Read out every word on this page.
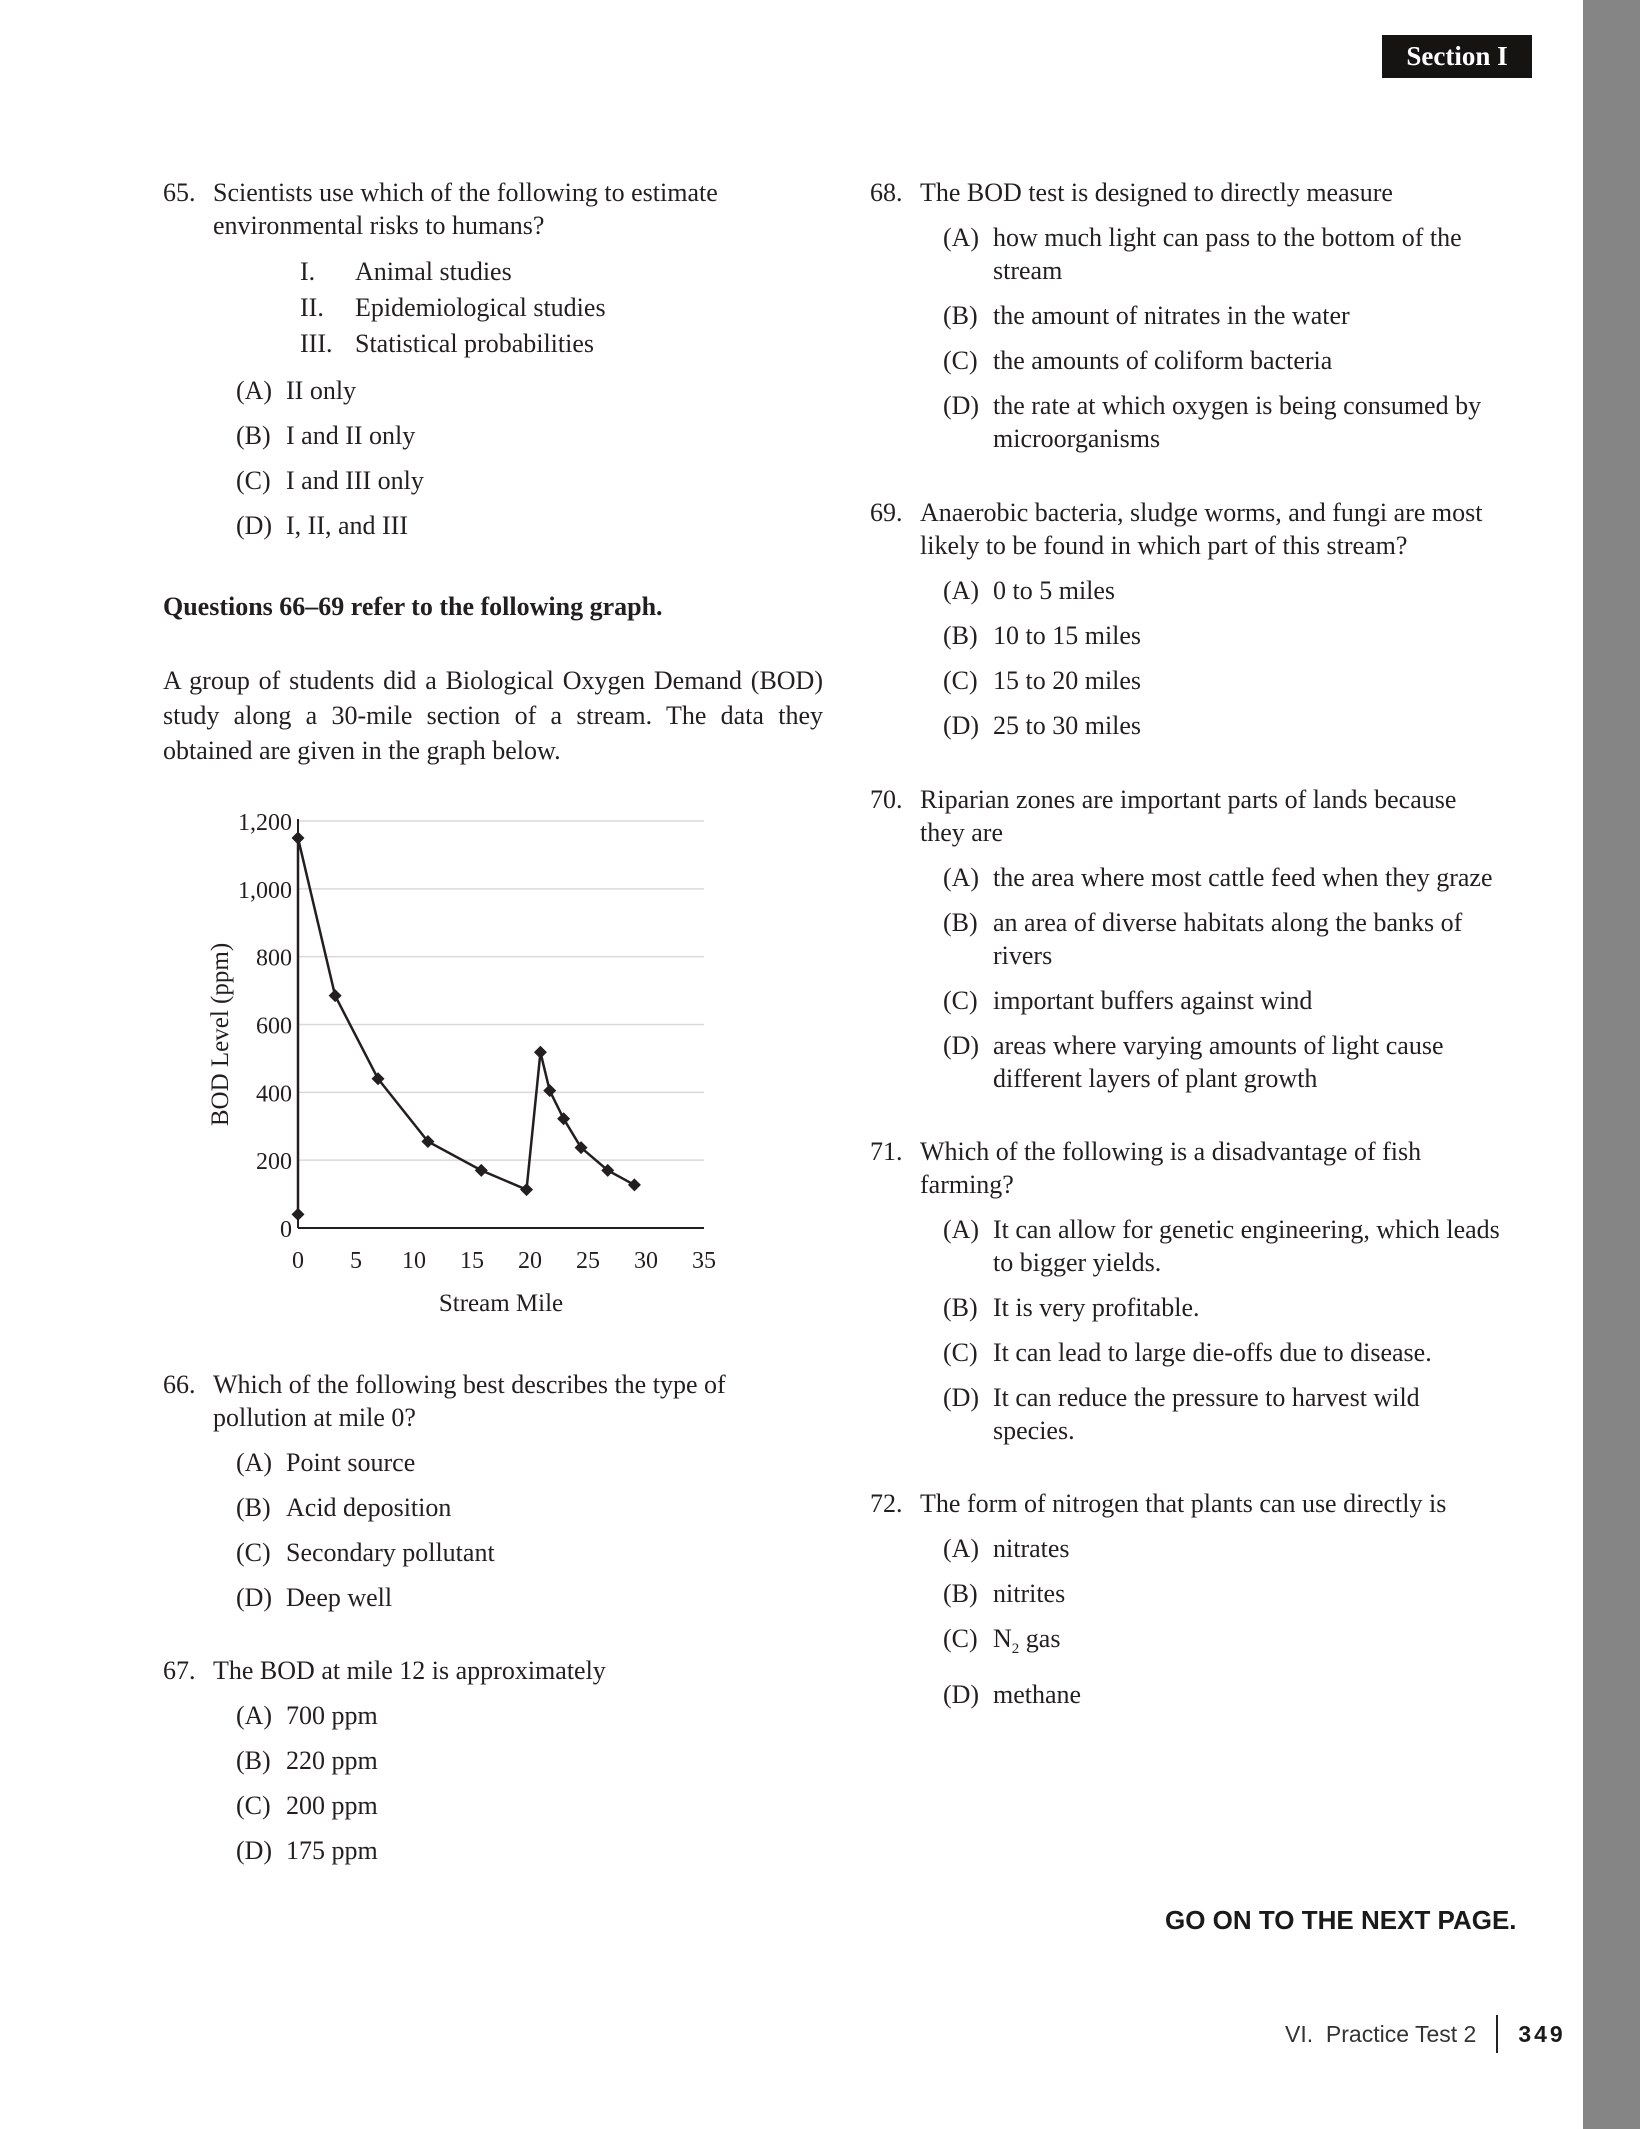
Section I
65. Scientists use which of the following to estimate
environmental risks to humans?
I.	Animal studies
II.	Epidemiological studies
III. Statistical probabilities
(A) II only
(B) I and II only
(C) I and III only
(D) I, II, and III
Questions 66–69 refer to the following graph.
A group of students did a Biological Oxygen Demand (BOD) study along a 30-mile section of a stream. The data they obtained are given in the graph below.
0
200
400
600
800
1,000
1,200
0 5 10 15 20 25 30 35
Stream Mile
BOD Level (ppm)
66. Which of the following best describes the type of
pollution at mile 0?
(A) Point source
(B) Acid deposition
(C) Secondary pollutant
(D) Deep well
67. The BOD at mile 12 is approximately
(A) 700 ppm
(B) 220 ppm
(C) 200 ppm
(D) 175 ppm
68. The BOD test is designed to directly measure
(A) how much light can pass to the bottom of the
stream
(B) the amount of nitrates in the water
(C) the amounts of coliform bacteria
(D) the rate at which oxygen is being consumed by
microorganisms
69. Anaerobic bacteria, sludge worms, and fungi are most
likely to be found in which part of this stream?
(A) 0 to 5 miles
(B) 10 to 15 miles
(C) 15 to 20 miles
(D) 25 to 30 miles
70. Riparian zones are important parts of lands because
they are
(A) the area where most cattle feed when they graze
(B) an area of diverse habitats along the banks of
rivers
(C) important buffers against wind
(D) areas where varying amounts of light cause
different layers of plant growth
71. Which of the following is a disadvantage of fish
farming?
(A) It can allow for genetic engineering, which leads
to bigger yields.
(B) It is very profitable.
(C) It can lead to large die-offs due to disease.
(D) It can reduce the pressure to harvest wild
species.
72. The form of nitrogen that plants can use directly is
(A) nitrates
(B) nitrites
(C) $N_2$ gas
(D) methane
GO ON TO THE NEXT PAGE.
VI.  Practice Test 2 349
